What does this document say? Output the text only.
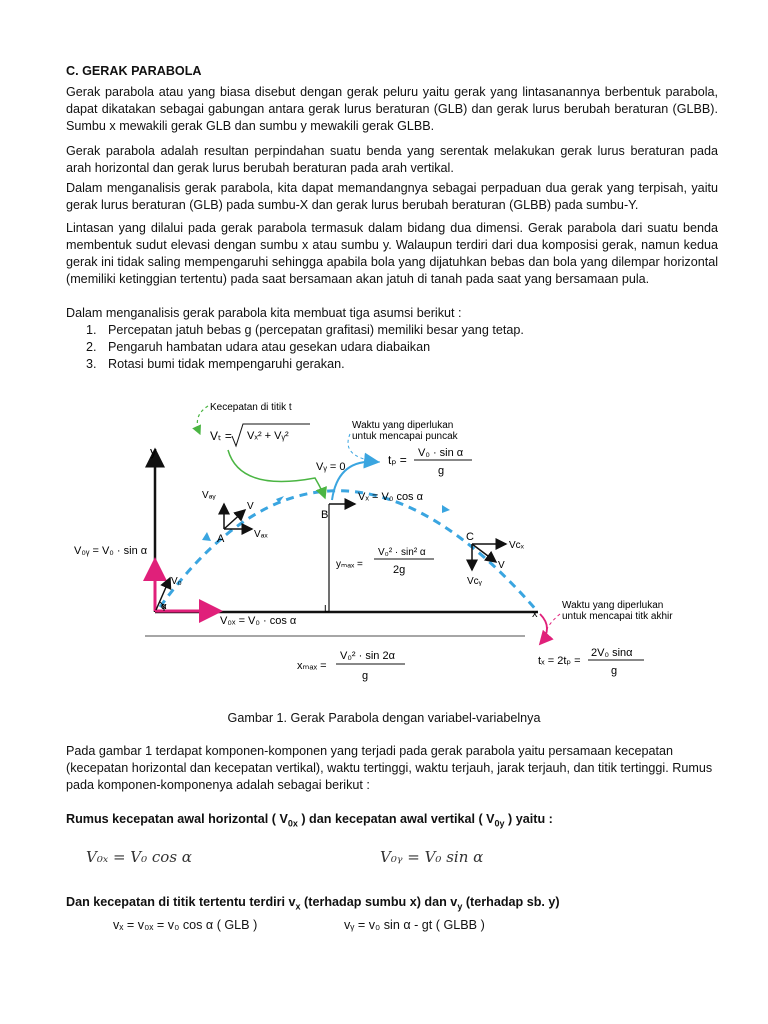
C. GERAK PARABOLA

Gerak parabola atau yang biasa disebut dengan gerak peluru yaitu gerak yang lintasanannya berbentuk parabola, dapat dikatakan sebagai gabungan antara gerak lurus beraturan (GLB) dan gerak lurus berubah beraturan (GLBB). Sumbu x mewakili gerak GLB dan sumbu y mewakili gerak GLBB.

Gerak parabola adalah resultan perpindahan suatu benda yang serentak melakukan gerak lurus beraturan pada arah horizontal dan gerak lurus berubah beraturan pada arah vertikal.

Dalam menganalisis gerak parabola, kita dapat memandangnya sebagai perpaduan dua gerak yang terpisah, yaitu gerak lurus beraturan (GLB) pada sumbu-X dan gerak lurus berubah beraturan (GLBB) pada sumbu-Y.

Lintasan yang dilalui pada gerak parabola termasuk dalam bidang dua dimensi. Gerak parabola dari suatu benda membentuk sudut elevasi dengan sumbu x atau sumbu y. Walaupun terdiri dari dua komposisi gerak, namun kedua gerak ini tidak saling mempengaruhi sehingga apabila bola yang dijatuhkan bebas dan bola yang dilempar horizontal (memiliki ketinggian tertentu) pada saat bersamaan akan jatuh di tanah pada saat yang bersamaan pula.

Dalam menganalisis gerak parabola kita membuat tiga asumsi berikut :

1. Percepatan jatuh bebas g (percepatan grafitasi) memiliki besar yang tetap.
2. Pengaruh hambatan udara atau gesekan udara diabaikan
3. Rotasi bumi tidak mempengaruhi gerakan.
y
x
α
V₀
V₀ᵧ = V₀ · sin α
V₀ₓ = V₀ · cos α
A
Vₐᵧ
V
Vₐₓ
B
Vₓ = V₀ cos α
Vᵧ = 0
L
yₘₐₓ =
V₀² · sin² α
2g
C
Vᴄₓ
V
Vᴄᵧ
Kecepatan di titik t
Vₜ = Vₓ² + Vᵧ²
Waktu yang diperlukan
untuk mencapai puncak
tₚ = V₀ · sin α
g
xₘₐₓ =
V₀² · sin 2α
g
Waktu yang diperlukan
untuk mencapai titk akhir
tₓ = 2tₚ =
2V₀ sinα
g
Gambar 1. Gerak Parabola dengan variabel-variabelnya

Pada gambar 1 terdapat komponen-komponen yang terjadi pada gerak parabola yaitu persamaan kecepatan (kecepatan horizontal dan kecepatan vertikal), waktu tertinggi, waktu terjauh, jarak terjauh, dan titik tertinggi. Rumus pada komponen-komponenya adalah sebagai berikut :

Rumus kecepatan awal horizontal ( $V_{0x}$ ) dan kecepatan awal vertikal ( $V_{0y}$ ) yaitu :

V₀ₓ = V₀ cos α	V₀ᵧ = V₀ sin α

Dan kecepatan di titik tertentu terdiri $v_x$ (terhadap sumbu x) dan $v_y$ (terhadap sb. y)

vₓ = v₀ₓ = v₀ cos α ( GLB )	vᵧ = v₀ sin α - gt ( GLBB )
